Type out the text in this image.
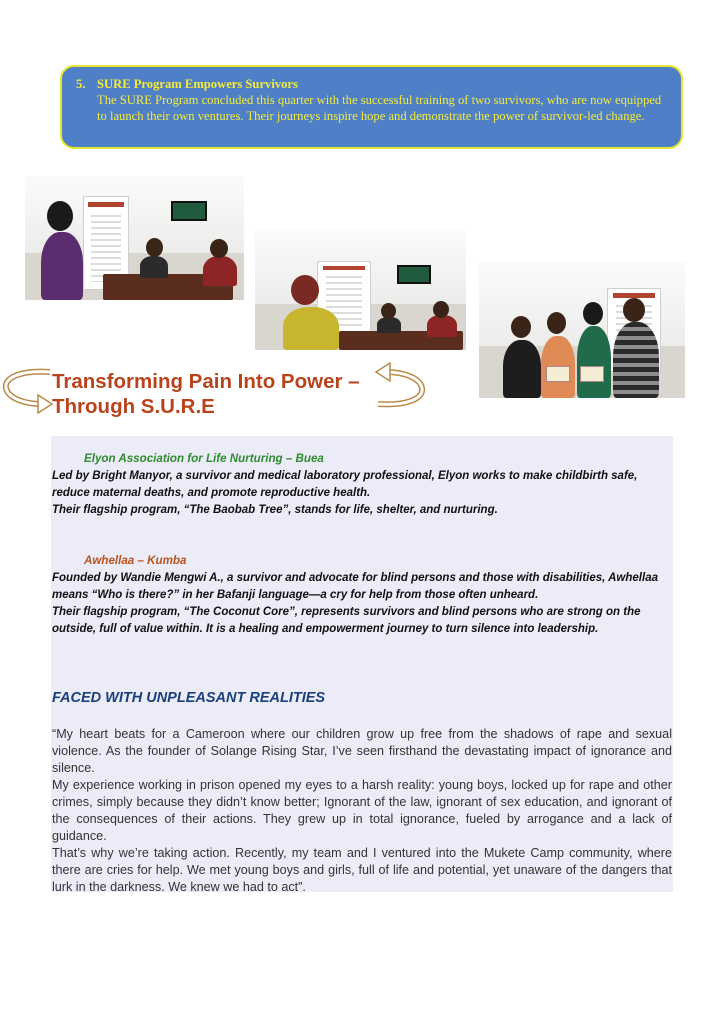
5. SURE Program Empowers Survivors
The SURE Program concluded this quarter with the successful training of two survivors, who are now equipped to launch their own ventures. Their journeys inspire hope and demonstrate the power of survivor-led change.
Transforming Pain Into Power –
Through S.U.R.E
Elyon Association for Life Nurturing – Buea
Led by Bright Manyor, a survivor and medical laboratory professional, Elyon works to make childbirth safe, reduce maternal deaths, and promote reproductive health.
Their flagship program, “The Baobab Tree”, stands for life, shelter, and nurturing.
Awhellaa – Kumba
Founded by Wandie Mengwi A., a survivor and advocate for blind persons and those with disabilities, Awhellaa means “Who is there?” in her Bafanji language—a cry for help from those often unheard.
Their flagship program, “The Coconut Core”, represents survivors and blind persons who are strong on the outside, full of value within. It is a healing and empowerment journey to turn silence into leadership.
FACED WITH UNPLEASANT REALITIES

“My heart beats for a Cameroon where our children grow up free from the shadows of rape and sexual violence. As the founder of Solange Rising Star, I’ve seen firsthand the devastating impact of ignorance and silence.

My experience working in prison opened my eyes to a harsh reality: young boys, locked up for rape and other crimes, simply because they didn’t know better; Ignorant of the law, ignorant of sex education, and ignorant of the consequences of their actions. They grew up in total ignorance, fueled by arrogance and a lack of guidance.

That’s why we’re taking action. Recently, my team and I ventured into the Mukete Camp community, where there are cries for help. We met young boys and girls, full of life and potential, yet unaware of the dangers that lurk in the darkness. We knew we had to act”.
